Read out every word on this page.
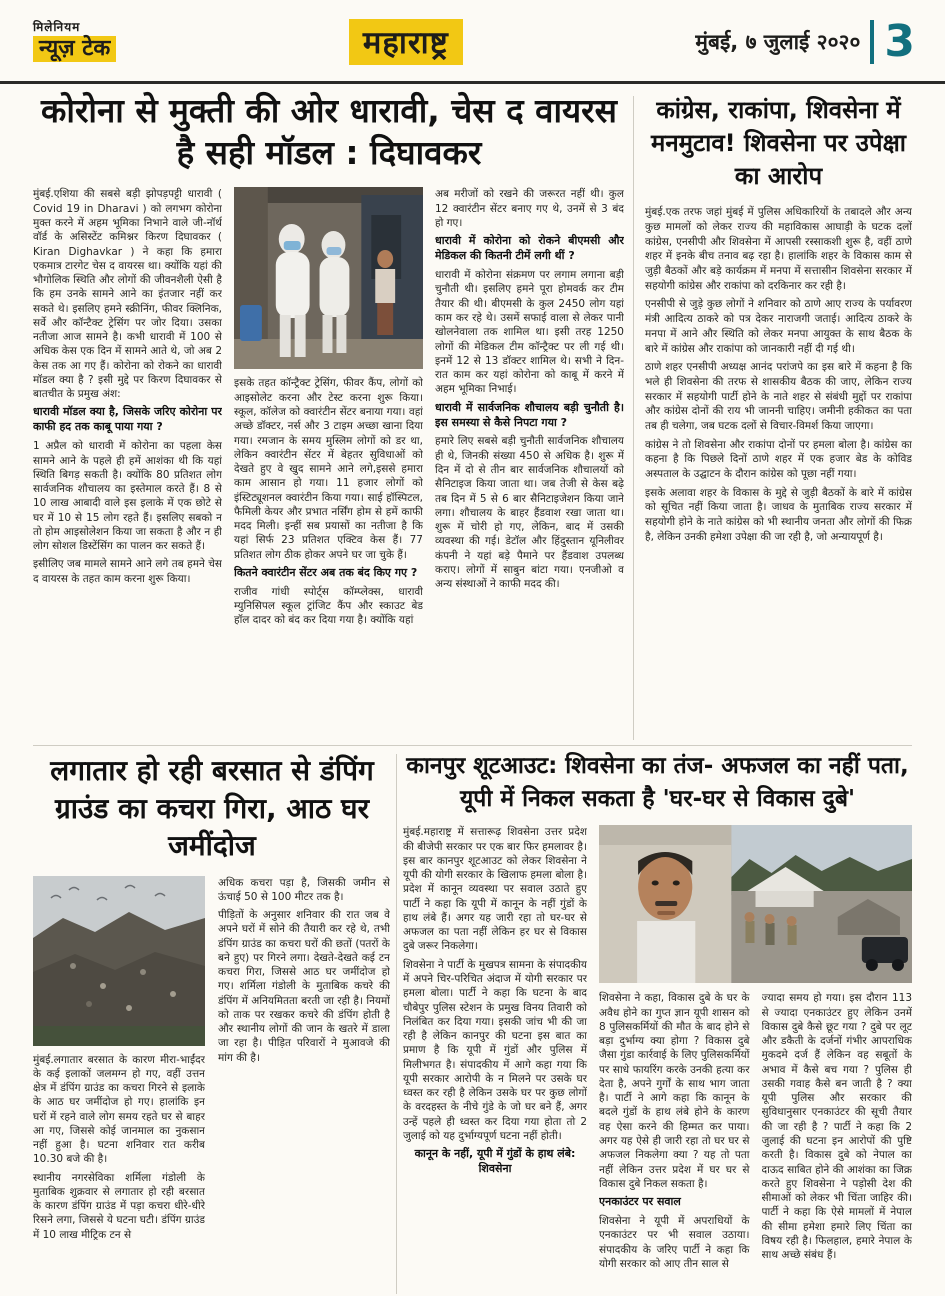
मिलेनियम
न्यूज़ टेक	महाराष्ट्र	मुंबई, ७ जुलाई २०२० 3
कोरोना से मुक्ती की ओर धारावी, चेस द वायरस है सही मॉडल : दिघावकर

मुंबई.एशिया की सबसे बड़ी झोपड़पट्टी धारावी ( Covid 19 in Dharavi ) को लगभग कोरोना मुक्त करने में अहम भूमिका निभाने वाले जी-नॉर्थ वॉर्ड के असिस्टेंट कमिश्नर किरण दिघावकर ( Kiran Dighavkar ) ने कहा कि हमारा एकमात्र टारगेट चेस द वायरस था। क्योंकि यहां की भौगोलिक स्थिति और लोगों की जीवनशैली ऐसी है कि हम उनके सामने आने का इंतजार नहीं कर सकते थे। इसलिए हमने स्क्रीनिंग, फीवर क्लिनिक, सर्वे और कॉन्टैक्ट ट्रेसिंग पर जोर दिया। उसका नतीजा आज सामने है। कभी धारावी में 100 से अधिक केस एक दिन में सामने आते थे, जो अब 2 केस तक आ गए हैं। कोरोना को रोकने का धारावी मॉडल क्या है ? इसी मुद्दे पर किरण दिघावकर से बातचीत के प्रमुख अंश:

धारावी मॉडल क्या है, जिसके जरिए कोरोना पर काफी हद तक काबू पाया गया ?

1 अप्रैल को धारावी में कोरोना का पहला केस सामने आने के पहले ही हमें आशंका थी कि यहां स्थिति बिगड़ सकती है। क्योंकि 80 प्रतिशत लोग सार्वजनिक शौचालय का इस्तेमाल करते हैं। 8 से 10 लाख आबादी वाले इस इलाके में एक छोटे से घर में 10 से 15 लोग रहते हैं। इसलिए सबको न तो होम आइसोलेशन किया जा सकता है और न ही लोग सोशल डिस्टेंसिंग का पालन कर सकते हैं।

इसीलिए जब मामले सामने आने लगे तब हमने चेस द वायरस के तहत काम करना शुरू किया।

इसके तहत कॉन्ट्रैक्ट ट्रेसिंग, फीवर कैंप, लोगों को आइसोलेट करना और टेस्ट करना शुरू किया। स्कूल, कॉलेज को क्वारंटीन सेंटर बनाया गया। वहां अच्छे डॉक्टर, नर्स और 3 टाइम अच्छा खाना दिया गया। रमजान के समय मुस्लिम लोगों को डर था, लेकिन क्वारंटीन सेंटर में बेहतर सुविधाओं को देखते हुए वे खुद सामने आने लगे,इससे हमारा काम आसान हो गया। 11 हजार लोगों को इंस्टिट्यूशनल क्वारंटीन किया गया। साई हॉस्पिटल, फैमिली केयर और प्रभात नर्सिंग होम से हमें काफी मदद मिली। इन्हीं सब प्रयासों का नतीजा है कि यहां सिर्फ 23 प्रतिशत एक्टिव केस हैं। 77 प्रतिशत लोग ठीक होकर अपने घर जा चुके हैं।

कितने क्वारंटीन सेंटर अब तक बंद किए गए ?

राजीव गांधी स्पोर्ट्स कॉम्प्लेक्स, धारावी म्युनिसिपल स्कूल ट्रांजिट कैंप और स्काउट बेड हॉल दादर को बंद कर दिया गया है। क्योंकि यहां

अब मरीजों को रखने की जरूरत नहीं थी। कुल 12 क्वारंटीन सेंटर बनाए गए थे, उनमें से 3 बंद हो गए।

धारावी में कोरोना को रोकने बीएमसी और मेडिकल की कितनी टीमें लगी थीं ?

धारावी में कोरोना संक्रमण पर लगाम लगाना बड़ी चुनौती थी। इसलिए हमने पूरा होमवर्क कर टीम तैयार की थी। बीएमसी के कुल 2450 लोग यहां काम कर रहे थे। उसमें सफाई वाला से लेकर पानी खोलनेवाला तक शामिल था। इसी तरह 1250 लोगों की मेडिकल टीम कॉन्ट्रैक्ट पर ली गई थी। इनमें 12 से 13 डॉक्टर शामिल थे। सभी ने दिन-रात काम कर यहां कोरोना को काबू में करने में अहम भूमिका निभाई।

धारावी में सार्वजनिक शौचालय बड़ी चुनौती है। इस समस्या से कैसे निपटा गया ?

हमारे लिए सबसे बड़ी चुनौती सार्वजनिक शौचालय ही थे, जिनकी संख्या 450 से अधिक है। शुरू में दिन में दो से तीन बार सार्वजनिक शौचालयों को सैनिटाइज किया जाता था। जब तेजी से केस बढ़े तब दिन में 5 से 6 बार सैनिटाइजेशन किया जाने लगा। शौचालय के बाहर हैंडवाश रखा जाता था। शुरू में चोरी हो गए, लेकिन, बाद में उसकी व्यवस्था की गई। डेटॉल और हिंदुस्तान यूनिलीवर कंपनी ने यहां बड़े पैमाने पर हैंडवाश उपलब्ध कराए। लोगों में साबुन बांटा गया। एनजीओ व अन्य संस्थाओं ने काफी मदद की।

कांग्रेस, राकांपा, शिवसेना में मनमुटाव! शिवसेना पर उपेक्षा का आरोप

मुंबई.एक तरफ जहां मुंबई में पुलिस अधिकारियों के तबादले और अन्य कुछ मामलों को लेकर राज्य की महाविकास आघाड़ी के घटक दलों कांग्रेस, एनसीपी और शिवसेना में आपसी रस्साकशी शुरू है, वहीं ठाणे शहर में इनके बीच तनाव बढ़ रहा है। हालांकि शहर के विकास काम से जुड़ी बैठकों और बड़े कार्यक्रम में मनपा में सत्तासीन शिवसेना सरकार में सहयोगी कांग्रेस और राकांपा को दरकिनार कर रही है।

एनसीपी से जुड़े कुछ लोगों ने शनिवार को ठाणे आए राज्य के पर्यावरण मंत्री आदित्य ठाकरे को पत्र देकर नाराजगी जताई। आदित्य ठाकरे के मनपा में आने और स्थिति को लेकर मनपा आयुक्त के साथ बैठक के बारे में कांग्रेस और राकांपा को जानकारी नहीं दी गई थी।

ठाणे शहर एनसीपी अध्यक्ष आनंद परांजपे का इस बारे में कहना है कि भले ही शिवसेना की तरफ से शासकीय बैठक की जाए, लेकिन राज्य सरकार में सहयोगी पार्टी होने के नाते शहर से संबंधी मुद्दों पर राकांपा और कांग्रेस दोनों की राय भी जाननी चाहिए। जमीनी हकीकत का पता तब ही चलेगा, जब घटक दलों से विचार-विमर्श किया जाएगा।

कांग्रेस ने तो शिवसेना और राकांपा दोनों पर हमला बोला है। कांग्रेस का कहना है कि पिछले दिनों ठाणे शहर में एक हजार बेड के कोविड अस्पताल के उद्घाटन के दौरान कांग्रेस को पूछा नहीं गया।

इसके अलावा शहर के विकास के मुद्दे से जुड़ी बैठकों के बारे में कांग्रेस को सूचित नहीं किया जाता है। जाधव के मुताबिक राज्य सरकार में सहयोगी होने के नाते कांग्रेस को भी स्थानीय जनता और लोगों की फिक्र है, लेकिन उनकी हमेशा उपेक्षा की जा रही है, जो अन्यायपूर्ण है।

लगातार हो रही बरसात से डंपिंग ग्राउंड का कचरा गिरा, आठ घर जमींदोज

मुंबई.लगातार बरसात के कारण मीरा-भाईंदर के कई इलाकों जलमग्न हो गए, वहीं उत्तन क्षेत्र में डंपिंग ग्राउंड का कचरा गिरने से इलाके के आठ घर जमींदोज हो गए। हालांकि इन घरों में रहने वाले लोग समय रहते घर से बाहर आ गए, जिससे कोई जानमाल का नुकसान नहीं हुआ है। घटना शनिवार रात करीब 10.30 बजे की है।

स्थानीय नगरसेविका शर्मिला गंडोली के मुताबिक शुक्रवार से लगातार हो रही बरसात के कारण डंपिंग ग्राउंड में पड़ा कचरा धीरे-धीरे रिसने लगा, जिससे ये घटना घटी। डंपिंग ग्राउंड में 10 लाख मीट्रिक टन से

अधिक कचरा पड़ा है, जिसकी जमीन से ऊंचाई 50 से 100 मीटर तक है।

पीड़ितों के अनुसार शनिवार की रात जब वे अपने घरों में सोने की तैयारी कर रहे थे, तभी डंपिंग ग्राउंड का कचरा घरों की छतों (पतरों के बने हुए) पर गिरने लगा। देखते-देखते कई टन कचरा गिरा, जिससे आठ घर जमींदोज हो गए। शर्मिला गंडोली के मुताबिक कचरे की डंपिंग में अनियमितता बरती जा रही है। नियमों को ताक पर रखकर कचरे की डंपिंग होती है और स्थानीय लोगों की जान के खतरे में डाला जा रहा है। पीड़ित परिवारों ने मुआवजे की मांग की है।

कानपुर शूटआउट: शिवसेना का तंज- अफजल का नहीं पता, यूपी में निकल सकता है 'घर-घर से विकास दुबे'

मुंबई.महाराष्ट्र में सत्तारूढ़ शिवसेना उत्तर प्रदेश की बीजेपी सरकार पर एक बार फिर हमलावर है। इस बार कानपुर शूटआउट को लेकर शिवसेना ने यूपी की योगी सरकार के खिलाफ हमला बोला है। प्रदेश में कानून व्यवस्था पर सवाल उठाते हुए पार्टी ने कहा कि यूपी में कानून के नहीं गुंडों के हाथ लंबे हैं। अगर यह जारी रहा तो घर-घर से अफजल का पता नहीं लेकिन हर घर से विकास दुबे जरूर निकलेगा।

शिवसेना ने पार्टी के मुखपत्र सामना के संपादकीय में अपने चिर-परिचित अंदाज में योगी सरकार पर हमला बोला। पार्टी ने कहा कि घटना के बाद चौबेपुर पुलिस स्टेशन के प्रमुख विनय तिवारी को निलंबित कर दिया गया। इसकी जांच भी की जा रही है लेकिन कानपुर की घटना इस बात का प्रमाण है कि यूपी में गुंडों और पुलिस में मिलीभगत है। संपादकीय में आगे कहा गया कि यूपी सरकार आरोपी के न मिलने पर उसके घर ध्वस्त कर रही है लेकिन उसके घर पर कुछ लोगों के वरदहस्त के नीचे गुंडे के जो घर बने हैं, अगर उन्हें पहले ही ध्वस्त कर दिया गया होता तो 2 जुलाई को यह दुर्भाग्यपूर्ण घटना नहीं होती।

कानून के नहीं, यूपी में गुंडों के हाथ लंबे: शिवसेना

शिवसेना ने कहा, विकास दुबे के घर के अवैध होने का गुप्त ज्ञान यूपी शासन को 8 पुलिसकर्मियों की मौत के बाद होने से बड़ा दुर्भाग्य क्या होगा ? विकास दुबे जैसा गुंडा कार्रवाई के लिए पुलिसकर्मियों पर साधे फायरिंग करके उनकी हत्या कर देता है, अपने गुर्गों के साथ भाग जाता है। पार्टी ने आगे कहा कि कानून के बदले गुंडों के हाथ लंबे होने के कारण वह ऐसा करने की हिम्मत कर पाया। अगर यह ऐसे ही जारी रहा तो घर घर से अफजल निकलेगा क्या ? यह तो पता नहीं लेकिन उत्तर प्रदेश में घर घर से विकास दुबे निकल सकता है।

एनकाउंटर पर सवाल

शिवसेना ने यूपी में अपराधियों के एनकाउंटर पर भी सवाल उठाया। संपादकीय के जरिए पार्टी ने कहा कि योगी सरकार को आए तीन साल से

ज्यादा समय हो गया। इस दौरान 113 से ज्यादा एनकाउंटर हुए लेकिन उनमें विकास दुबे कैसे छूट गया ? दुबे पर लूट और डकैती के दर्जनों गंभीर आपराधिक मुकदमे दर्ज हैं लेकिन वह सबूतों के अभाव में कैसे बच गया ? पुलिस ही उसकी गवाह कैसे बन जाती है ? क्या यूपी पुलिस और सरकार की सुविधानुसार एनकाउंटर की सूची तैयार की जा रही है ? पार्टी ने कहा कि 2 जुलाई की घटना इन आरोपों की पुष्टि करती है। विकास दुबे को नेपाल का दाऊद साबित होने की आशंका का जिक्र करते हुए शिवसेना ने पड़ोसी देश की सीमाओं को लेकर भी चिंता जाहिर की। पार्टी ने कहा कि ऐसे मामलों में नेपाल की सीमा हमेशा हमारे लिए चिंता का विषय रही है। फिलहाल, हमारे नेपाल के साथ अच्छे संबंध हैं।
